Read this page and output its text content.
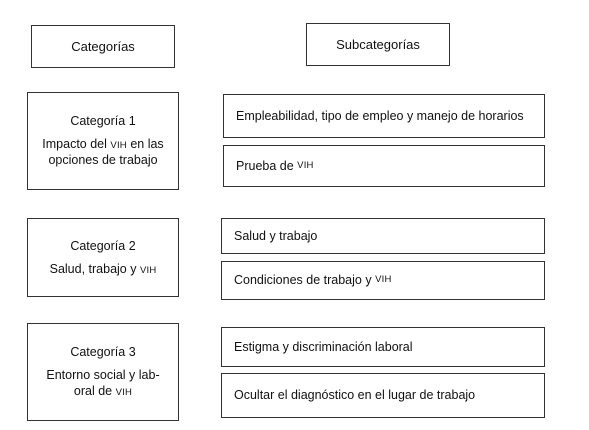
Categorías	Subcategorías
Categoría 1
Impacto del VIH en las
opciones de trabajo
Categoría 2
Salud, trabajo y VIH
Categoría 3
Entorno social y lab-
oral de VIH
Empleabilidad, tipo de empleo y manejo de horarios
Prueba de
VIH
Salud y trabajo
Condiciones de trabajo y
VIH
Estigma y discriminación laboral
Ocultar el diagnóstico en el lugar de trabajo
